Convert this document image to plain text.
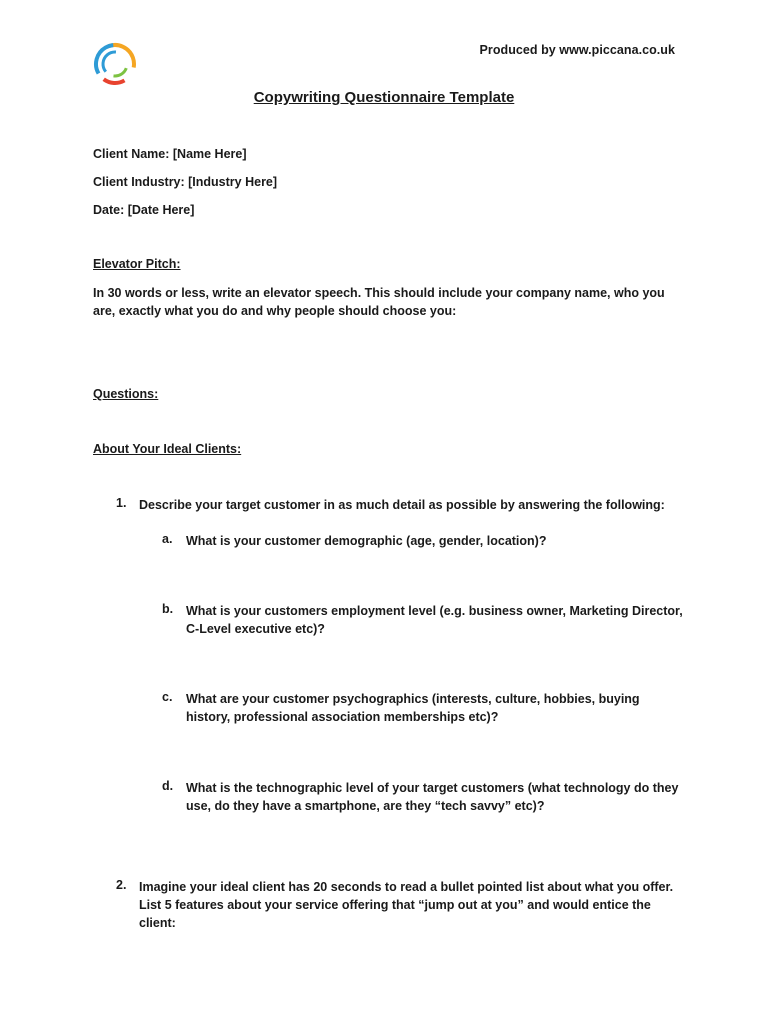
Produced by www.piccana.co.uk
Copywriting Questionnaire Template
Client Name: [Name Here]
Client Industry: [Industry Here]
Date: [Date Here]
Elevator Pitch:
In 30 words or less, write an elevator speech. This should include your company name, who you are, exactly what you do and why people should choose you:
Questions:
About Your Ideal Clients:
1. Describe your target customer in as much detail as possible by answering the following:
a. What is your customer demographic (age, gender, location)?
b. What is your customers employment level (e.g. business owner, Marketing Director, C-Level executive etc)?
c. What are your customer psychographics (interests, culture, hobbies, buying history, professional association memberships etc)?
d. What is the technographic level of your target customers (what technology do they use, do they have a smartphone, are they “tech savvy” etc)?
2. Imagine your ideal client has 20 seconds to read a bullet pointed list about what you offer. List 5 features about your service offering that “jump out at you” and would entice the client:
